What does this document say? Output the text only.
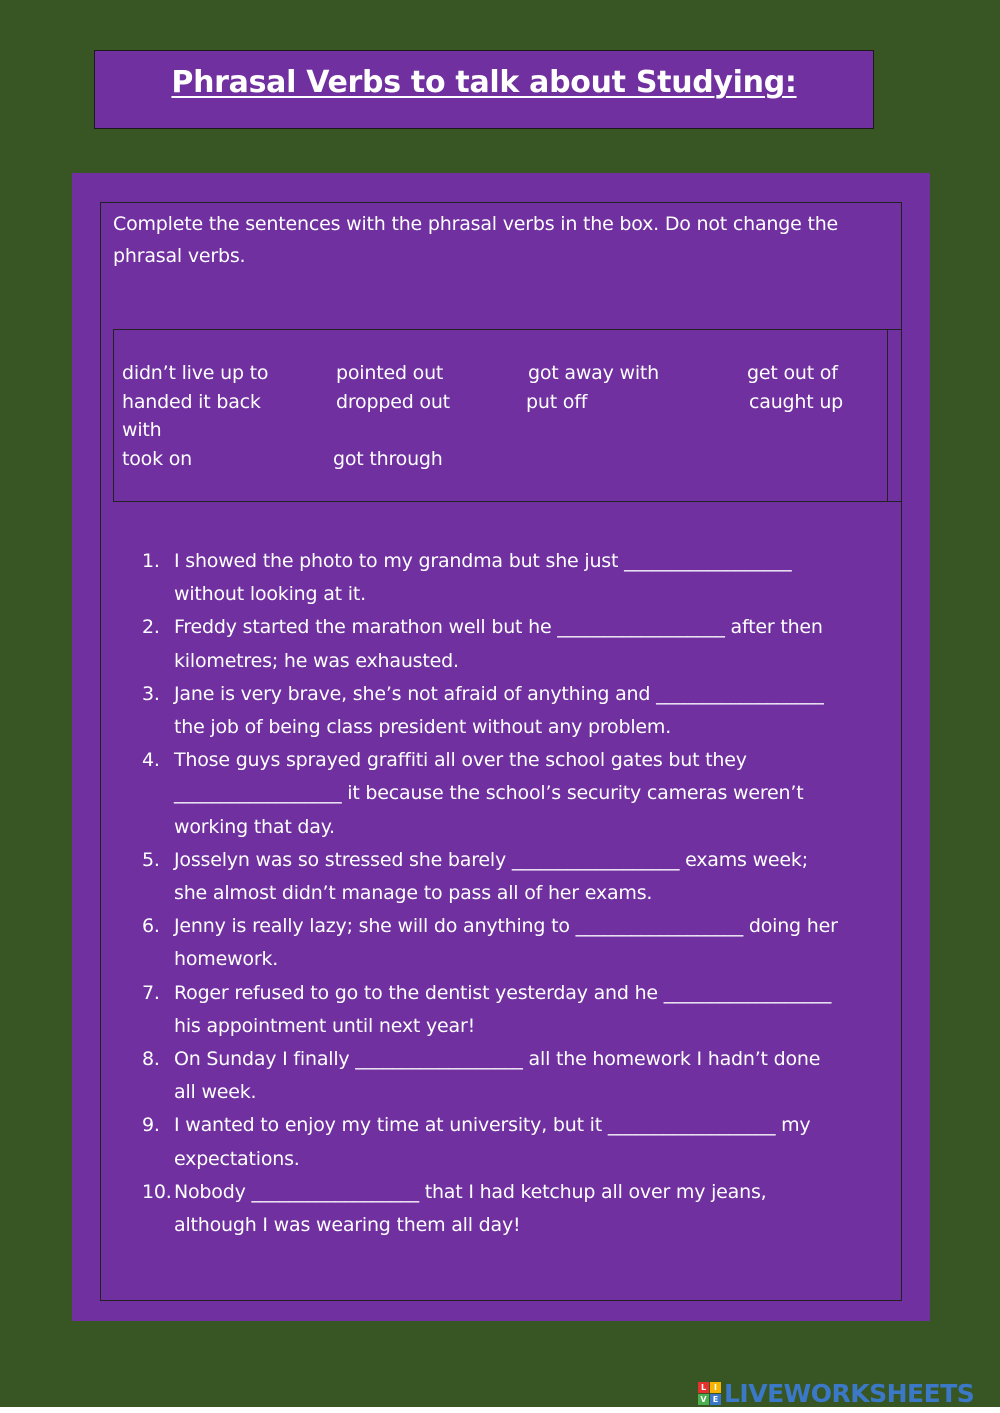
Phrasal Verbs to talk about Studying:
Complete the sentences with the phrasal verbs in the box. Do not change the phrasal verbs.
didn’t live up to	pointed out	got away with	get out of
handed it back	dropped out	put off	caught up
with
took on	got through
1. I showed the photo to my grandma but she just __________________
without looking at it.
2. Freddy started the marathon well but he __________________ after then
kilometres; he was exhausted.
3. Jane is very brave, she’s not afraid of anything and __________________
the job of being class president without any problem.
4. Those guys sprayed graffiti all over the school gates but they
__________________ it because the school’s security cameras weren’t
working that day.
5. Josselyn was so stressed she barely __________________ exams week;
she almost didn’t manage to pass all of her exams.
6. Jenny is really lazy; she will do anything to __________________ doing her
homework.
7. Roger refused to go to the dentist yesterday and he __________________
his appointment until next year!
8. On Sunday I finally __________________ all the homework I hadn’t done
all week.
9. I wanted to enjoy my time at university, but it __________________ my
expectations.
10. Nobody __________________ that I had ketchup all over my jeans,
although I was wearing them all day!
L I
V E LIVEWORKSHEETS
